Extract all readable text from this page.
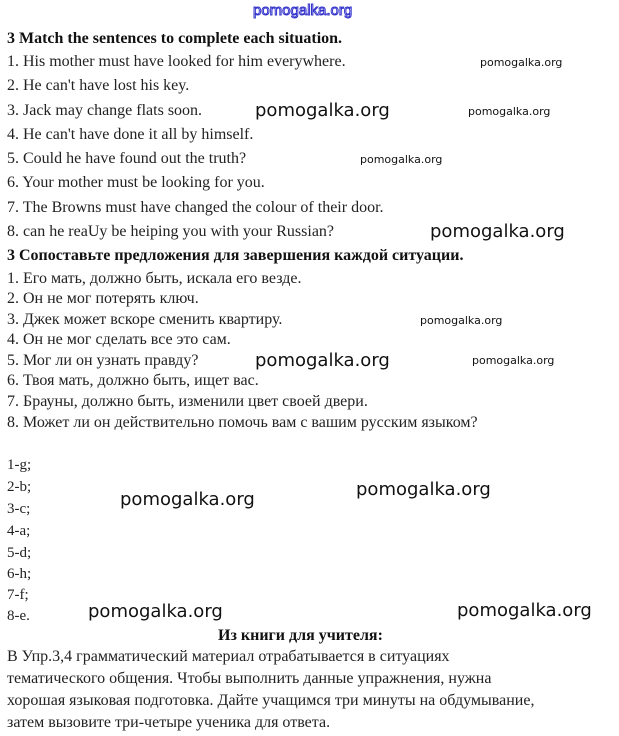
pomogalka.org
3 Match the sentences to complete each situation.
1. His mother must have looked for him everywhere.
2. He can't have lost his key.
3. Jack may change flats soon.
4. He can't have done it all by himself.
5. Could he have found out the truth?
6. Your mother must be looking for you.
7. The Browns must have changed the colour of their door.
8. can he reaUy be heiping you with your Russian?
3 Сопоставьте предложения для завершения каждой ситуации.
1. Его мать, должно быть, искала его везде.
2. Он не мог потерять ключ.
3. Джек может вскоре сменить квартиру.
4. Он не мог сделать все это сам.
5. Мог ли он узнать правду?
6. Твоя мать, должно быть, ищет вас.
7. Брауны, должно быть, изменили цвет своей двери.
8. Может ли он действительно помочь вам с вашим русским языком?
1-g;
2-b;
3-c;
4-a;
5-d;
6-h;
7-f;
8-e.
Из книги для учителя:
В Упр.3,4 грамматический материал отрабатывается в ситуациях
тематического общения. Чтобы выполнить данные упражнения, нужна
хорошая языковая подготовка. Дайте учащимся три минуты на обдумывание,
затем вызовите три-четыре ученика для ответа.
pomogalka.org
pomogalka.org	pomogalka.org
pomogalka.org
pomogalka.org
pomogalka.org
pomogalka.org
pomogalka.org
pomogalka.org
pomogalka.org
pomogalka.org
pomogalka.org
